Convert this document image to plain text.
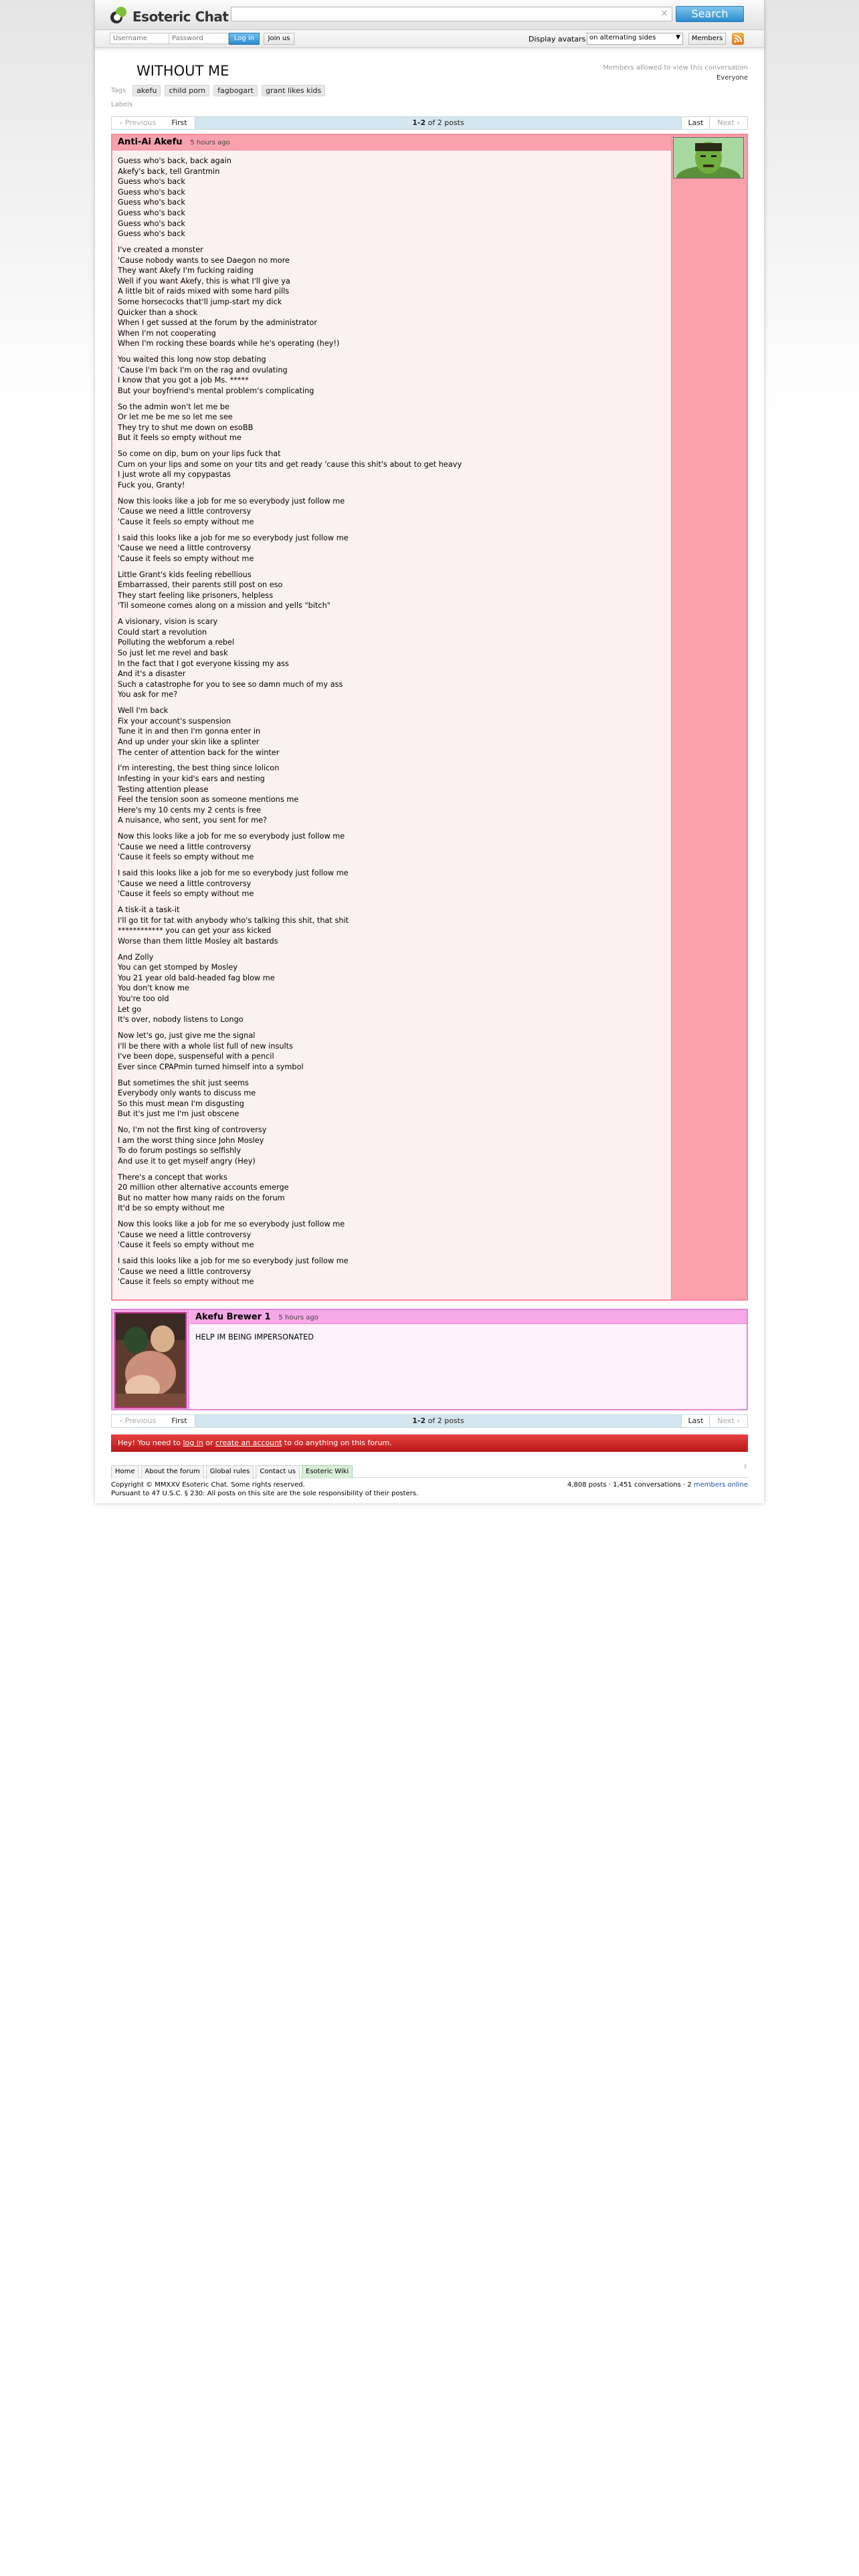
Esoteric Chat	×	Search
Username
Log in	Join us	Display avatars on alternating sides	▼	Members
WITHOUT ME	Members allowed to view this conversation
Everyone
Tags	akefu	child porn	fagbogart	grant likes kids
Labels
‹ Previous	First	1-2 of 2 posts	Last	Next ›
Anti-Ai Akefu 5 hours ago

Guess who's back, back again
Akefy's back, tell Grantmin
Guess who's back
Guess who's back
Guess who's back
Guess who's back
Guess who's back
Guess who's back

I've created a monster
'Cause nobody wants to see Daegon no more
They want Akefy I'm fucking raiding
Well if you want Akefy, this is what I'll give ya
A little bit of raids mixed with some hard pills
Some horsecocks that'll jump-start my dick
Quicker than a shock
When I get sussed at the forum by the administrator
When I'm not cooperating
When I'm rocking these boards while he's operating (hey!)

You waited this long now stop debating
'Cause I'm back I'm on the rag and ovulating
I know that you got a job Ms. *****
But your boyfriend's mental problem's complicating

So the admin won't let me be
Or let me be me so let me see
They try to shut me down on esoBB
But it feels so empty without me

So come on dip, bum on your lips fuck that
Cum on your lips and some on your tits and get ready 'cause this shit's about to get heavy
I just wrote all my copypastas
Fuck you, Granty!

Now this looks like a job for me so everybody just follow me
'Cause we need a little controversy
'Cause it feels so empty without me

I said this looks like a job for me so everybody just follow me
'Cause we need a little controversy
'Cause it feels so empty without me

Little Grant's kids feeling rebellious
Embarrassed, their parents still post on eso
They start feeling like prisoners, helpless
'Til someone comes along on a mission and yells "bitch"

A visionary, vision is scary
Could start a revolution
Polluting the webforum a rebel
So just let me revel and bask
In the fact that I got everyone kissing my ass
And it's a disaster
Such a catastrophe for you to see so damn much of my ass
You ask for me?

Well I'm back
Fix your account's suspension
Tune it in and then I'm gonna enter in
And up under your skin like a splinter
The center of attention back for the winter

I'm interesting, the best thing since lolicon
Infesting in your kid's ears and nesting
Testing attention please
Feel the tension soon as someone mentions me
Here's my 10 cents my 2 cents is free
A nuisance, who sent, you sent for me?

Now this looks like a job for me so everybody just follow me
'Cause we need a little controversy
'Cause it feels so empty without me

I said this looks like a job for me so everybody just follow me
'Cause we need a little controversy
'Cause it feels so empty without me

A tisk-it a task-it
I'll go tit for tat with anybody who's talking this shit, that shit
************ you can get your ass kicked
Worse than them little Mosley alt bastards

And Zolly
You can get stomped by Mosley
You 21 year old bald-headed fag blow me
You don't know me
You're too old
Let go
It's over, nobody listens to Longo

Now let's go, just give me the signal
I'll be there with a whole list full of new insults
I've been dope, suspenseful with a pencil
Ever since CPAPmin turned himself into a symbol

But sometimes the shit just seems
Everybody only wants to discuss me
So this must mean I'm disgusting
But it's just me I'm just obscene

No, I'm not the first king of controversy
I am the worst thing since John Mosley
To do forum postings so selfishly
And use it to get myself angry (Hey)

There's a concept that works
20 million other alternative accounts emerge
But no matter how many raids on the forum
It'd be so empty without me

Now this looks like a job for me so everybody just follow me
'Cause we need a little controversy
'Cause it feels so empty without me

I said this looks like a job for me so everybody just follow me
'Cause we need a little controversy
'Cause it feels so empty without me

Akefu Brewer 1 5 hours ago
HELP IM BEING IMPERSONATED
‹ Previous	First	1-2 of 2 posts	Last	Next ›
Hey! You need to log in or create an account to do anything on this forum.
Home	About the forum	Global rules	Contact us	Esoteric Wiki
⇧
Copyright © MMXXV Esoteric Chat. Some rights reserved.
Pursuant to 47 U.S.C. § 230: All posts on this site are the sole responsibility of their posters.
4,808 posts · 1,451 conversations · 2 members online
